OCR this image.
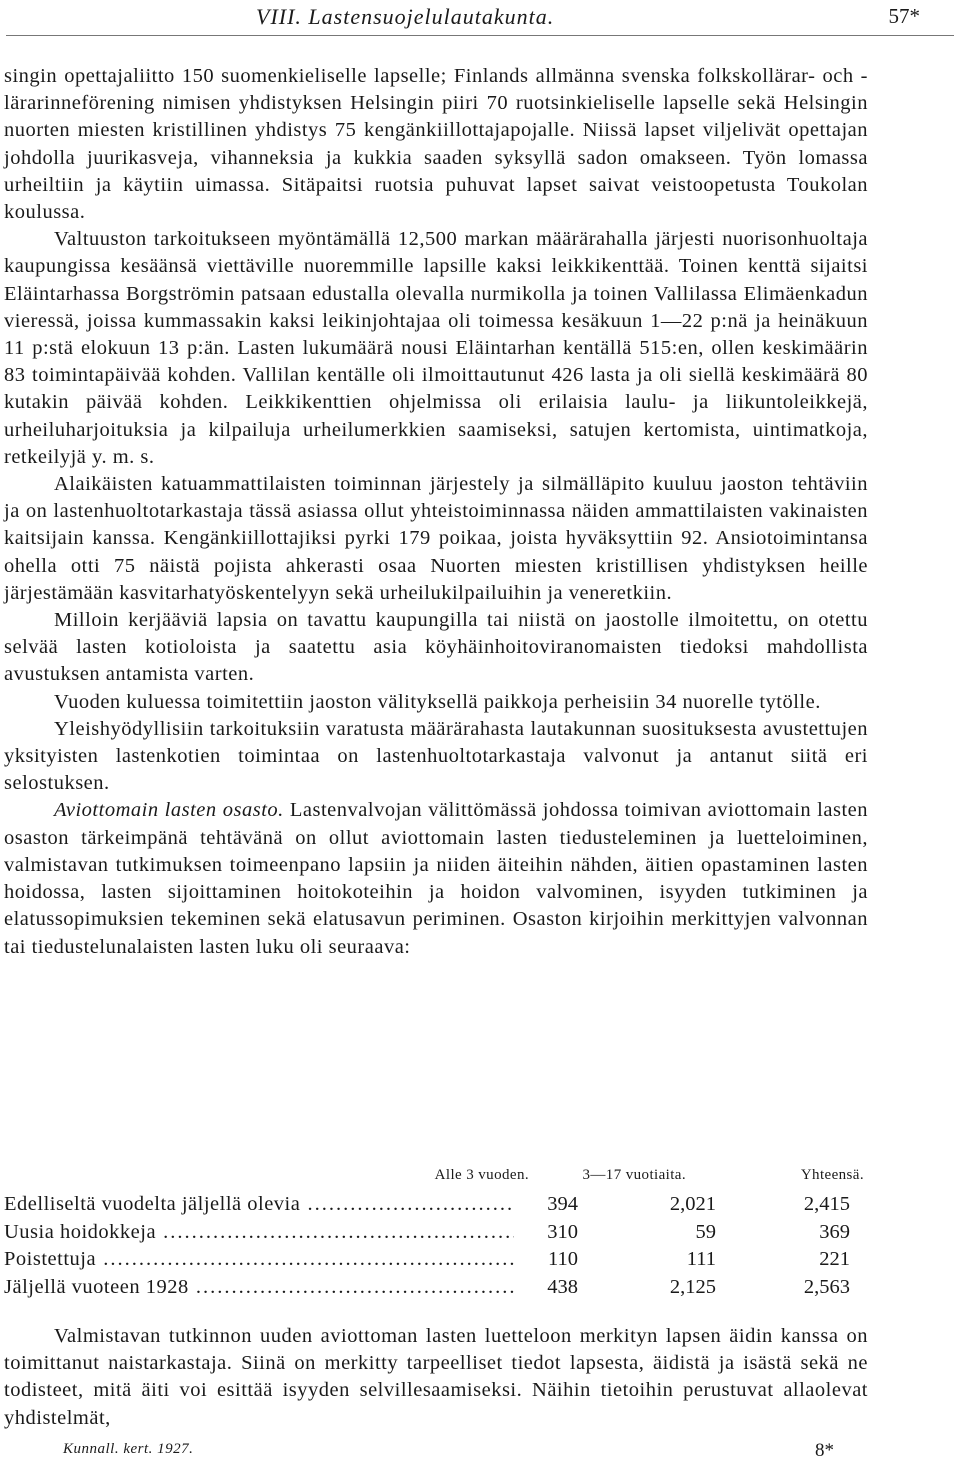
VIII. Lastensuojelulautakunta.	57*

singin opettajaliitto 150 suomenkieliselle lapselle; Finlands allmänna svenska folkskollärar- och -lärarinneförening nimisen yhdistyksen Helsingin piiri 70 ruotsinkieliselle lapselle sekä Helsingin nuorten miesten kristillinen yhdistys 75 kengänkiillottajapojalle. Niissä lapset viljelivät opettajan johdolla juurikasveja, vihanneksia ja kukkia saaden syksyllä sadon omakseen. Työn lomassa urheiltiin ja käytiin uimassa. Sitäpaitsi ruotsia puhuvat lapset saivat veistoopetusta Toukolan koulussa.

Valtuuston tarkoitukseen myöntämällä 12,500 markan määrärahalla järjesti nuorisonhuoltaja kaupungissa kesäänsä viettäville nuoremmille lapsille kaksi leikkikenttää. Toinen kenttä sijaitsi Eläintarhassa Borgströmin patsaan edustalla olevalla nurmikolla ja toinen Vallilassa Elimäenkadun vieressä, joissa kummassakin kaksi leikinjohtajaa oli toimessa kesäkuun 1—22 p:nä ja heinäkuun 11 p:stä elokuun 13 p:än. Lasten lukumäärä nousi Eläintarhan kentällä 515:en, ollen keskimäärin 83 toimintapäivää kohden. Vallilan kentälle oli ilmoittautunut 426 lasta ja oli siellä keskimäärä 80 kutakin päivää kohden. Leikkikenttien ohjelmissa oli erilaisia laulu- ja liikuntoleikkejä, urheiluharjoituksia ja kilpailuja urheilumerkkien saamiseksi, satujen kertomista, uintimatkoja, retkeilyjä y. m. s.

Alaikäisten katuammattilaisten toiminnan järjestely ja silmälläpito kuuluu jaoston tehtäviin ja on lastenhuoltotarkastaja tässä asiassa ollut yhteistoiminnassa näiden ammattilaisten vakinaisten kaitsijain kanssa. Kengänkiillottajiksi pyrki 179 poikaa, joista hyväksyttiin 92. Ansiotoimintansa ohella otti 75 näistä pojista ahkerasti osaa Nuorten miesten kristillisen yhdistyksen heille järjestämään kasvitarhatyöskentelyyn sekä urheilukilpailuihin ja veneretkiin.

Milloin kerjääviä lapsia on tavattu kaupungilla tai niistä on jaostolle ilmoitettu, on otettu selvää lasten kotioloista ja saatettu asia köyhäinhoitoviranomaisten tiedoksi mahdollista avustuksen antamista varten.

Vuoden kuluessa toimitettiin jaoston välityksellä paikkoja perheisiin 34 nuorelle tytölle.

Yleishyödyllisiin tarkoituksiin varatusta määrärahasta lautakunnan suosituksesta avustettujen yksityisten lastenkotien toimintaa on lastenhuoltotarkastaja valvonut ja antanut siitä eri selostuksen.

Aviottomain lasten osasto. Lastenvalvojan välittömässä johdossa toimivan aviottomain lasten osaston tärkeimpänä tehtävänä on ollut aviottomain lasten tiedusteleminen ja luetteloiminen, valmistavan tutkimuksen toimeenpano lapsiin ja niiden äiteihin nähden, äitien opastaminen lasten hoidossa, lasten sijoittaminen hoitokoteihin ja hoidon valvominen, isyyden tutkiminen ja elatussopimuksien tekeminen sekä elatusavun periminen. Osaston kirjoihin merkittyjen valvonnan tai tiedustelunalaisten lasten luku oli seuraava:

Alle 3 vuoden.	3—17 vuotiaita.	Yhteensä.
Edelliseltä vuodelta jäljellä olevia .....	394	2,021	2,415
Uusia hoidokkeja .....	310	59	369
Poistettuja .....	110	111	221
Jäljellä vuoteen 1928 .....	438	2,125	2,563

Valmistavan tutkinnon uuden aviottoman lasten luetteloon merkityn lapsen äidin kanssa on toimittanut naistarkastaja. Siinä on merkitty tarpeelliset tiedot lapsesta, äidistä ja isästä sekä ne todisteet, mitä äiti voi esittää isyyden selvillesaamiseksi. Näihin tietoihin perustuvat allaolevat yhdistelmät,

Kunnall. kert. 1927.	8*
